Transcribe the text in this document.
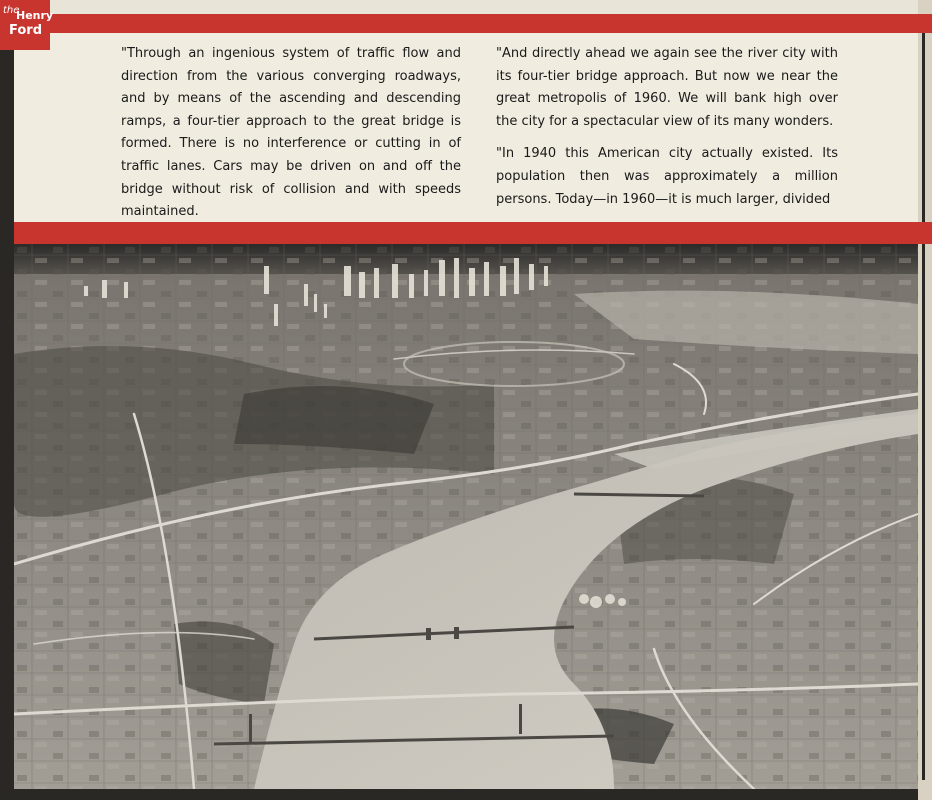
"Through an ingenious system of traffic flow and direction from the various converging roadways, and by means of the ascending and descending ramps, a four-tier approach to the great bridge is formed. There is no interference or cutting in of traffic lanes. Cars may be driven on and off the bridge without risk of collision and with speeds maintained.

"And directly ahead we again see the river city with its four-tier bridge approach. But now we near the great metropolis of 1960. We will bank high over the city for a spectacular view of its many wonders.

"In 1940 this American city actually existed. Its population then was approximately a million persons. Today—in 1960—it is much larger, divided

the
Henry
Ford
